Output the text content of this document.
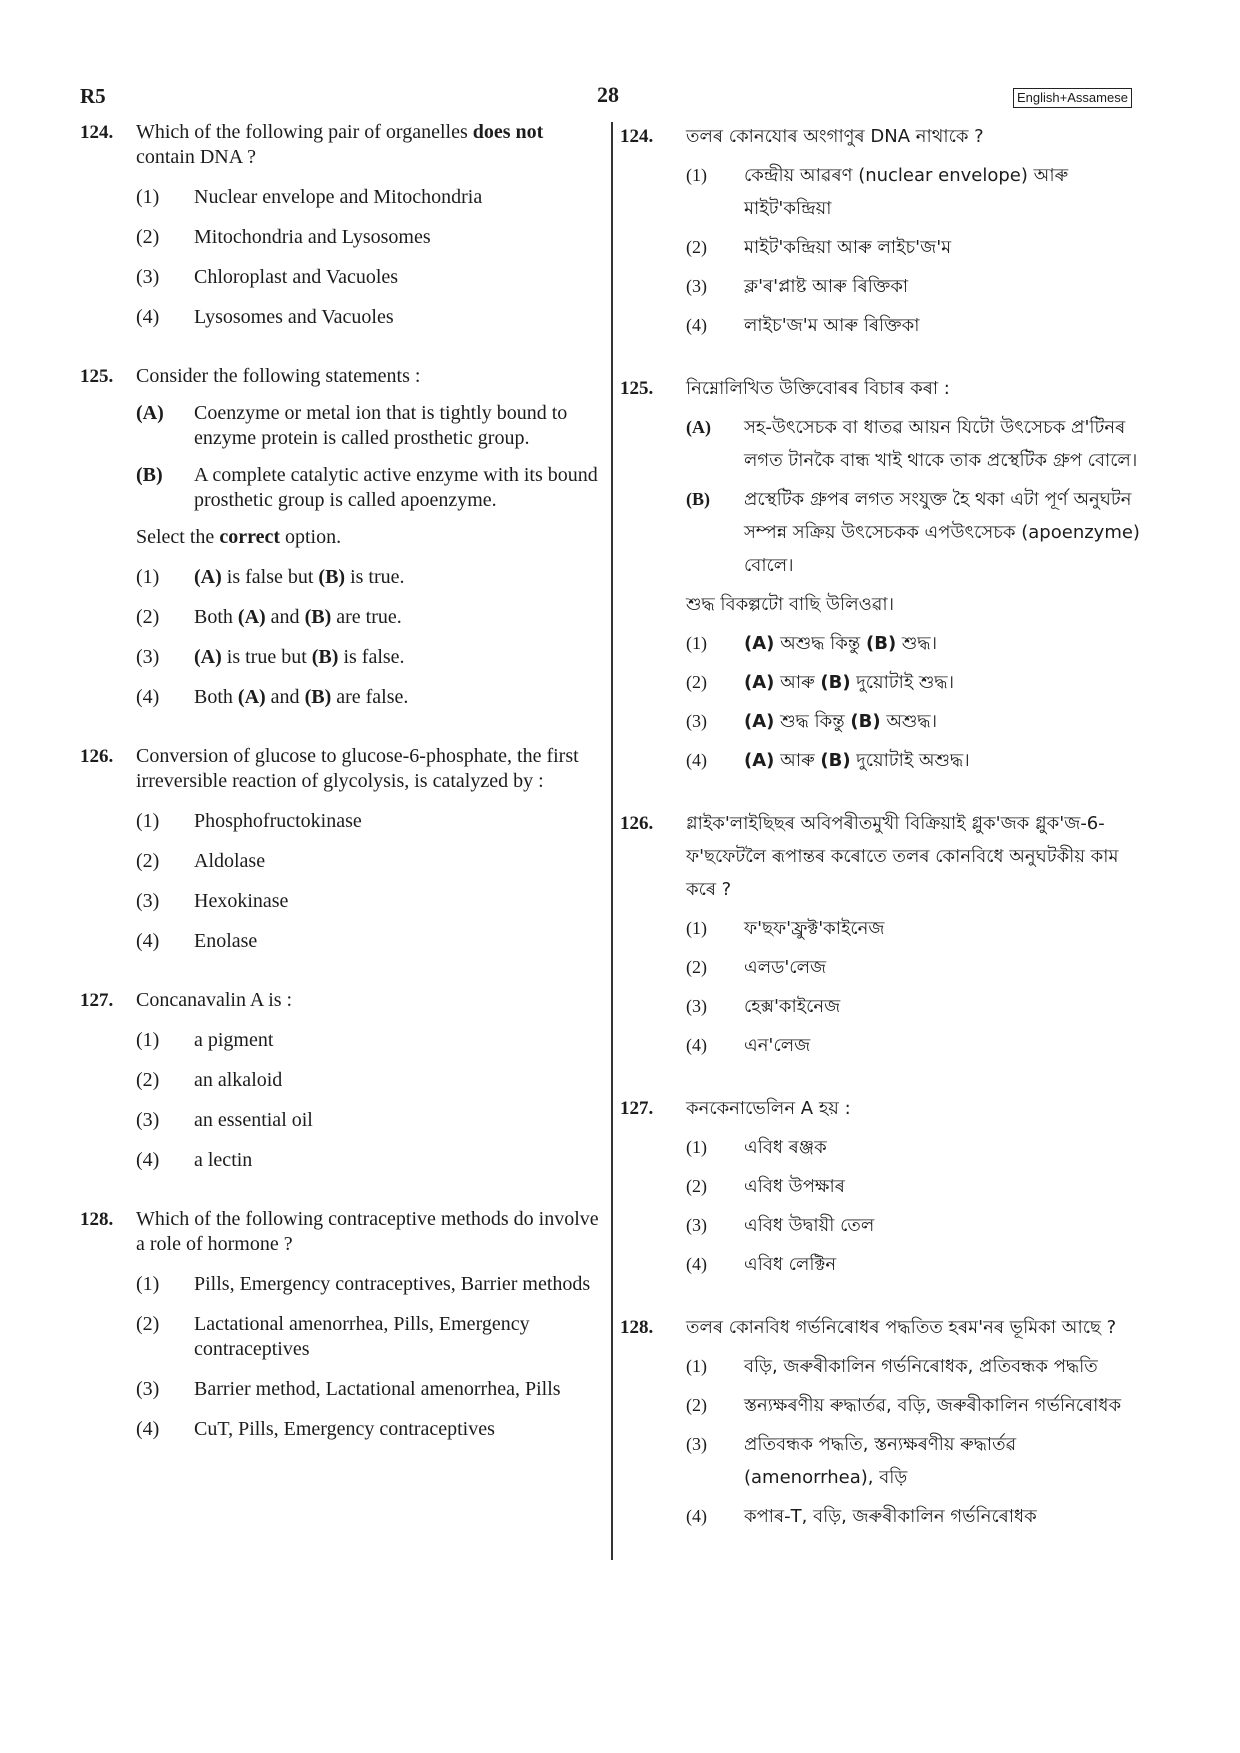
R5	28	English+Assamese
124.	Which of the following pair of organelles does not contain DNA ?
(1)	Nuclear envelope and Mitochondria
(2)	Mitochondria and Lysosomes
(3)	Chloroplast and Vacuoles
(4)	Lysosomes and Vacuoles
125.	Consider the following statements :
(A)	Coenzyme or metal ion that is tightly bound to enzyme protein is called prosthetic group.
(B)	A complete catalytic active enzyme with its bound prosthetic group is called apoenzyme.
Select the correct option.
(1)	(A) is false but (B) is true.
(2)	Both (A) and (B) are true.
(3)	(A) is true but (B) is false.
(4)	Both (A) and (B) are false.
126.	Conversion of glucose to glucose-6-phosphate, the first irreversible reaction of glycolysis, is catalyzed by :
(1)	Phosphofructokinase
(2)	Aldolase
(3)	Hexokinase
(4)	Enolase
127.	Concanavalin A is :
(1)	a pigment
(2)	an alkaloid
(3)	an essential oil
(4)	a lectin
128.	Which of the following contraceptive methods do involve a role of hormone ?
(1)	Pills, Emergency contraceptives, Barrier methods
(2)	Lactational amenorrhea, Pills, Emergency contraceptives
(3)	Barrier method, Lactational amenorrhea, Pills
(4)	CuT, Pills, Emergency contraceptives
124.	তলৰ কোনযোৰ অংগাণুৰ DNA নাথাকে ?
(1)	কেন্দ্ৰীয় আৱৰণ (nuclear envelope) আৰু মাইট'কন্দ্ৰিয়া
(2)	মাইট'কন্দ্ৰিয়া আৰু লাইচ'জ'ম
(3)	ক্ল'ৰ'প্লাষ্ট আৰু ৰিক্তিকা
(4)	লাইচ'জ'ম আৰু ৰিক্তিকা
125.	নিম্নোলিখিত উক্তিবোৰৰ বিচাৰ কৰা :
(A)	সহ-উৎসেচক বা ধাতৱ আয়ন যিটো উৎসেচক প্ৰ'টিনৰ লগত টানকৈ বান্ধ খাই থাকে তাক প্ৰস্থেটিক গ্ৰুপ বোলে।
(B)	প্ৰস্থেটিক গ্ৰুপৰ লগত সংযুক্ত হৈ থকা এটা পূৰ্ণ অনুঘটন সম্পন্ন সক্ৰিয় উৎসেচকক এপউৎসেচক (apoenzyme) বোলে।
শুদ্ধ বিকল্পটো বাছি উলিওৱা।
(1)	(A) অশুদ্ধ কিন্তু (B) শুদ্ধ।
(2)	(A) আৰু (B) দুয়োটাই শুদ্ধ।
(3)	(A) শুদ্ধ কিন্তু (B) অশুদ্ধ।
(4)	(A) আৰু (B) দুয়োটাই অশুদ্ধ।
126.	গ্লাইক'লাইছিছৰ অবিপৰীতমুখী বিক্ৰিয়াই গ্লুক'জক গ্লুক'জ-6-ফ'ছফেটলৈ ৰূপান্তৰ কৰোতে তলৰ কোনবিধে অনুঘটকীয় কাম কৰে ?
(1)	ফ'ছফ'ফ্ৰুক্ট'কাইনেজ
(2)	এলড'লেজ
(3)	হেক্স'কাইনেজ
(4)	এন'লেজ
127.	কনকেনাভেলিন A হয় :
(1)	এবিধ ৰঞ্জক
(2)	এবিধ উপক্ষাৰ
(3)	এবিধ উদ্বায়ী তেল
(4)	এবিধ লেক্টিন
128.	তলৰ কোনবিধ গৰ্ভনিৰোধৰ পদ্ধতিত হৰম'নৰ ভূমিকা আছে ?
(1)	বড়ি, জৰুৰীকালিন গৰ্ভনিৰোধক, প্ৰতিবন্ধক পদ্ধতি
(2)	স্তন্যক্ষৰণীয় ৰুদ্ধাৰ্তৱ, বড়ি, জৰুৰীকালিন গৰ্ভনিৰোধক
(3)	প্ৰতিবন্ধক পদ্ধতি, স্তন্যক্ষৰণীয় ৰুদ্ধাৰ্তৱ (amenorrhea), বড়ি
(4)	কপাৰ-T, বড়ি, জৰুৰীকালিন গৰ্ভনিৰোধক
